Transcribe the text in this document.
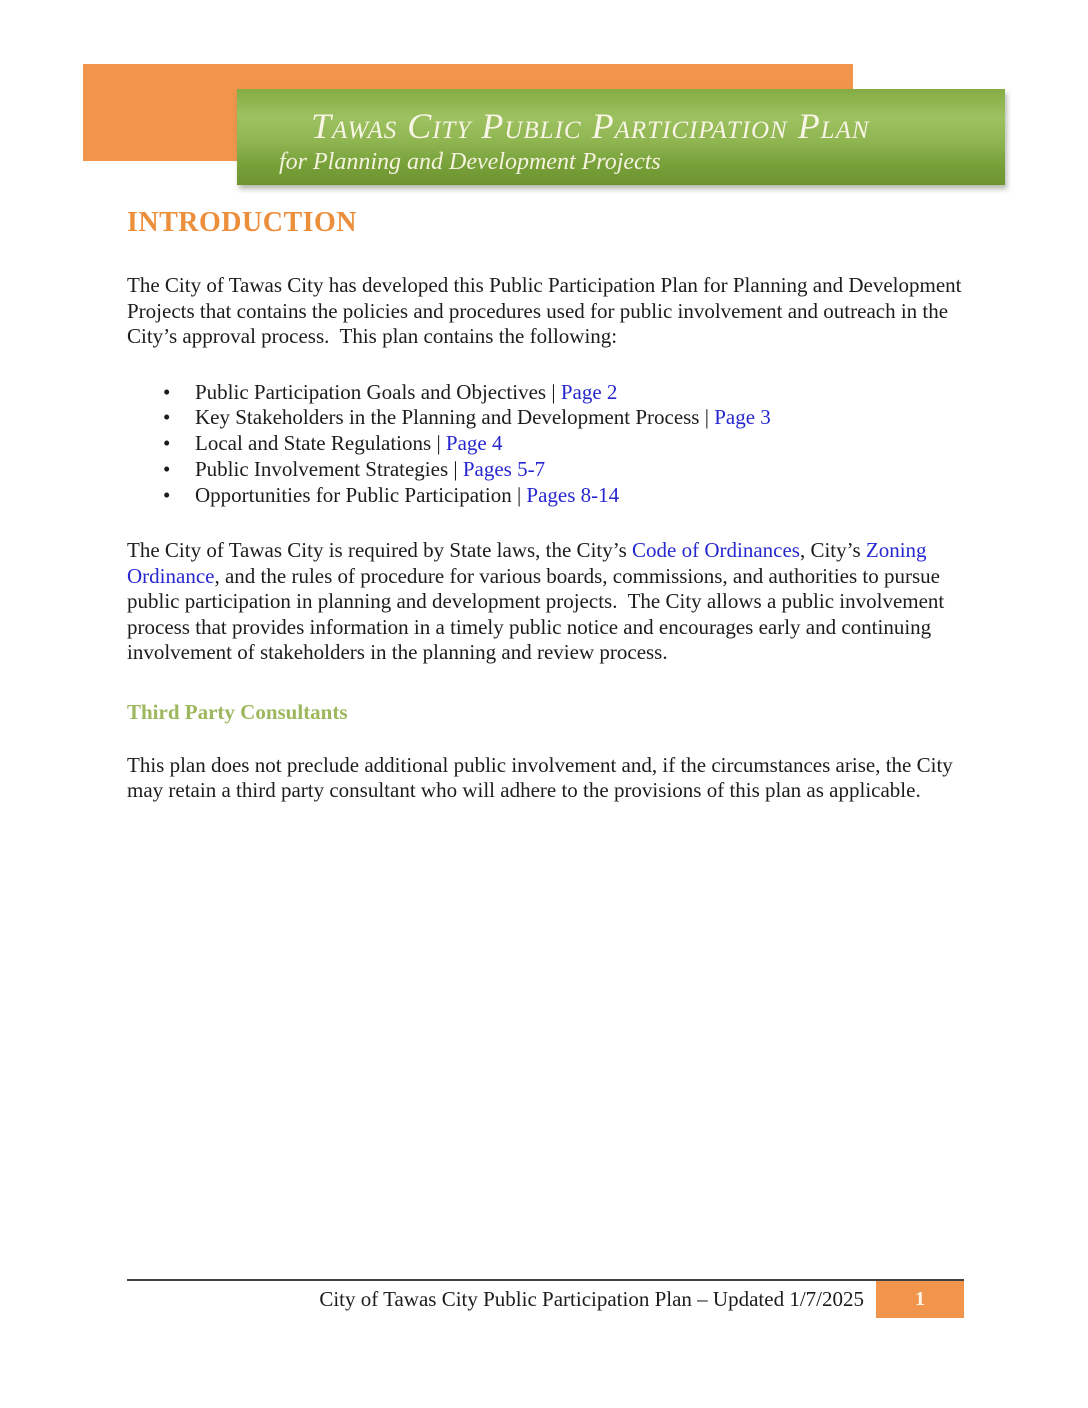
Tawas City Public Participation Plan
for Planning and Development Projects
INTRODUCTION

The City of Tawas City has developed this Public Participation Plan for Planning and Development Projects that contains the policies and procedures used for public involvement and outreach in the City’s approval process.  This plan contains the following:

• Public Participation Goals and Objectives | Page 2
• Key Stakeholders in the Planning and Development Process | Page 3
• Local and State Regulations | Page 4
• Public Involvement Strategies | Pages 5-7
• Opportunities for Public Participation | Pages 8-14

The City of Tawas City is required by State laws, the City’s Code of Ordinances, City’s Zoning Ordinance, and the rules of procedure for various boards, commissions, and authorities to pursue public participation in planning and development projects.  The City allows a public involvement process that provides information in a timely public notice and encourages early and continuing involvement of stakeholders in the planning and review process.

Third Party Consultants

This plan does not preclude additional public involvement and, if the circumstances arise, the City may retain a third party consultant who will adhere to the provisions of this plan as applicable.

City of Tawas City Public Participation Plan – Updated 1/7/2025	1
